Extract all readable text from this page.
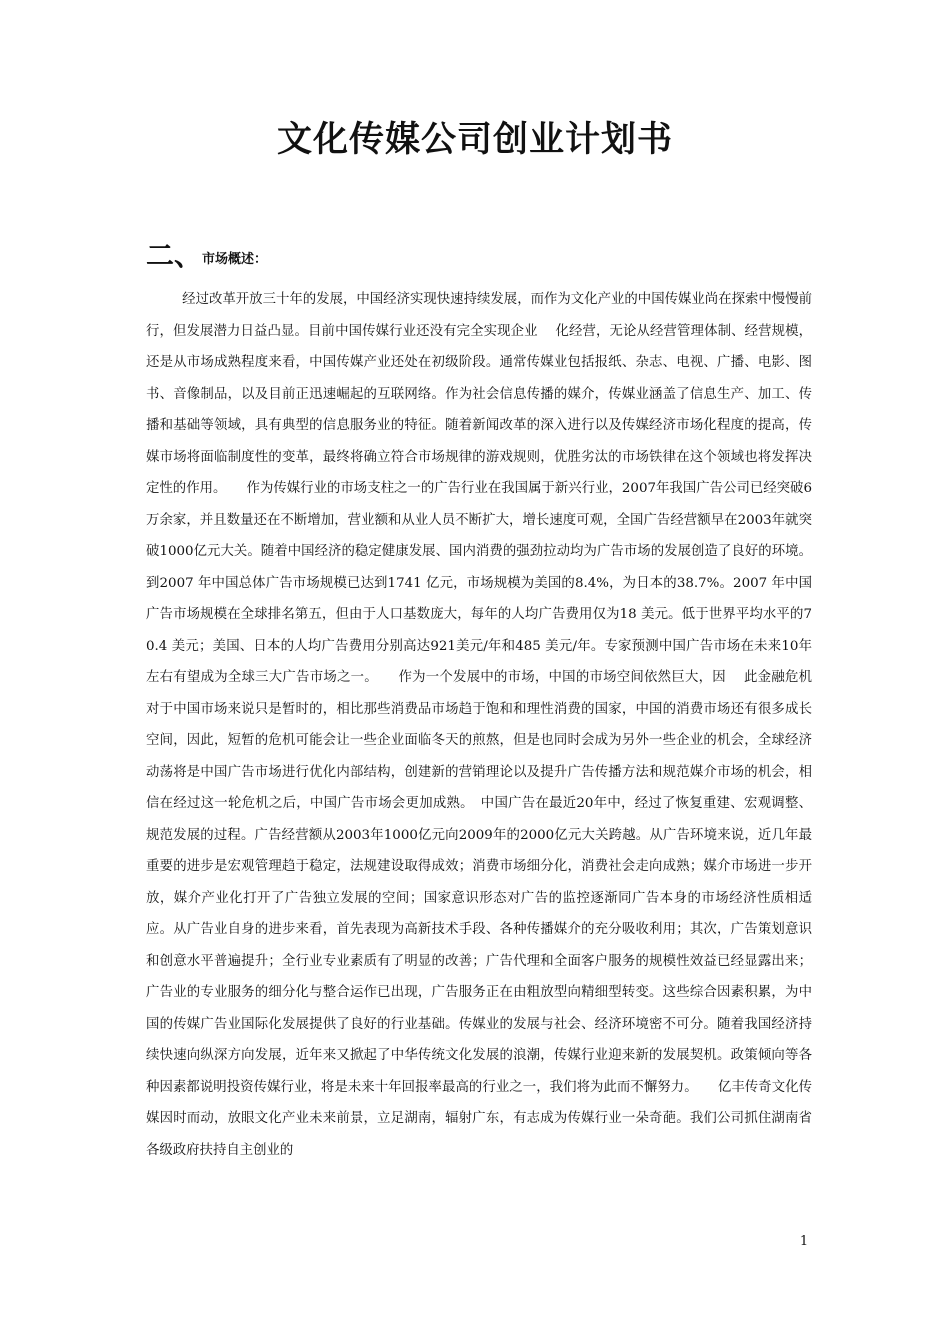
文化传媒公司创业计划书
二、 市场概述：

经过改革开放三十年的发展，中国经济实现快速持续发展，而作为文化产业的中国传媒业尚在探索中慢慢前行，但发展潜力日益凸显。目前中国传媒行业还没有完全实现企业　 化经营，无论从经营管理体制、经营规模，还是从市场成熟程度来看，中国传媒产业还处在初级阶段。通常传媒业包括报纸、杂志、电视、广播、电影、图书、音像制品，以及目前正迅速崛起的互联网络。作为社会信息传播的媒介，传媒业涵盖了信息生产、加工、传播和基础等领域，具有典型的信息服务业的特征。随着新闻改革的深入进行以及传媒经济市场化程度的提高，传媒市场将面临制度性的变革，最终将确立符合市场规律的游戏规则，优胜劣汰的市场铁律在这个领域也将发挥决定性的作用。　　作为传媒行业的市场支柱之一的广告行业在我国属于新兴行业，2007年我国广告公司已经突破6万余家，并且数量还在不断增加，营业额和从业人员不断扩大，增长速度可观，全国广告经营额早在2003年就突破1000亿元大关。随着中国经济的稳定健康发展、国内消费的强劲拉动均为广告市场的发展创造了良好的环境。到2007 年中国总体广告市场规模已达到1741 亿元，市场规模为美国的8.4%，为日本的38.7%。2007 年中国广告市场规模在全球排名第五，但由于人口基数庞大，每年的人均广告费用仅为18 美元。低于世界平均水平的70.4 美元；美国、日本的人均广告费用分别高达921美元/年和485 美元/年。专家预测中国广告市场在未来10年左右有望成为全球三大广告市场之一。　　作为一个发展中的市场，中国的市场空间依然巨大，因　 此金融危机对于中国市场来说只是暂时的，相比那些消费品市场趋于饱和和理性消费的国家，中国的消费市场还有很多成长空间，因此，短暂的危机可能会让一些企业面临冬天的煎熬，但是也同时会成为另外一些企业的机会，全球经济动荡将是中国广告市场进行优化内部结构，创建新的营销理论以及提升广告传播方法和规范媒介市场的机会，相信在经过这一轮危机之后，中国广告市场会更加成熟。　中国广告在最近20年中，经过了恢复重建、宏观调整、规范发展的过程。广告经营额从2003年1000亿元向2009年的2000亿元大关跨越。从广告环境来说，近几年最重要的进步是宏观管理趋于稳定，法规建设取得成效；消费市场细分化，消费社会走向成熟；媒介市场进一步开放，媒介产业化打开了广告独立发展的空间；国家意识形态对广告的监控逐渐同广告本身的市场经济性质相适应。从广告业自身的进步来看，首先表现为高新技术手段、各种传播媒介的充分吸收利用；其次，广告策划意识和创意水平普遍提升；全行业专业素质有了明显的改善；广告代理和全面客户服务的规模性效益已经显露出来；广告业的专业服务的细分化与整合运作已出现，广告服务正在由粗放型向精细型转变。这些综合因素积累，为中国的传媒广告业国际化发展提供了良好的行业基础。传媒业的发展与社会、经济环境密不可分。随着我国经济持续快速向纵深方向发展，近年来又掀起了中华传统文化发展的浪潮，传媒行业迎来新的发展契机。政策倾向等各种因素都说明投资传媒行业，将是未来十年回报率最高的行业之一，我们将为此而不懈努力。　　亿丰传奇文化传媒因时而动，放眼文化产业未来前景，立足湖南，辐射广东，有志成为传媒行业一朵奇葩。我们公司抓住湖南省各级政府扶持自主创业的

1
